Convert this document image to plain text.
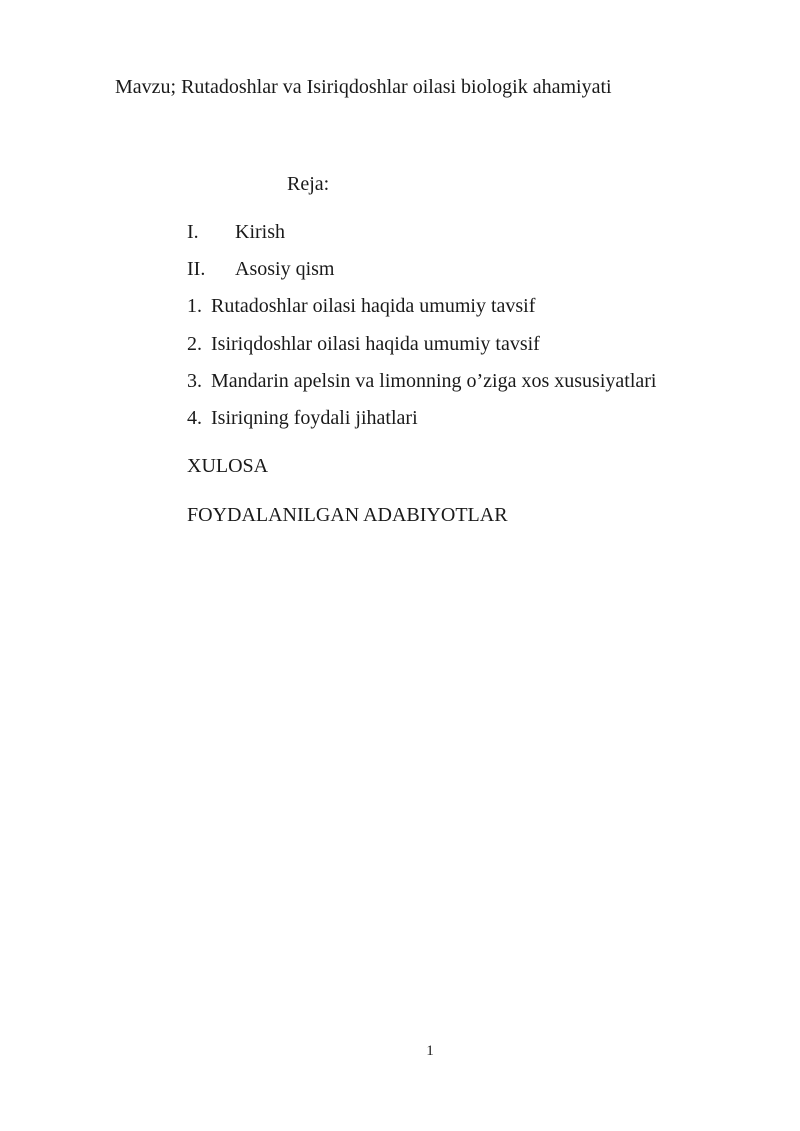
Mavzu; Rutadoshlar va Isiriqdoshlar oilasi biologik ahamiyati
Reja:
I. Kirish
II. Asosiy qism
1. Rutadoshlar oilasi haqida umumiy tavsif
2. Isiriqdoshlar oilasi haqida umumiy tavsif
3. Mandarin apelsin va limonning o’ziga xos xususiyatlari
4. Isiriqning foydali jihatlari
XULOSA
FOYDALANILGAN ADABIYOTLAR
1
